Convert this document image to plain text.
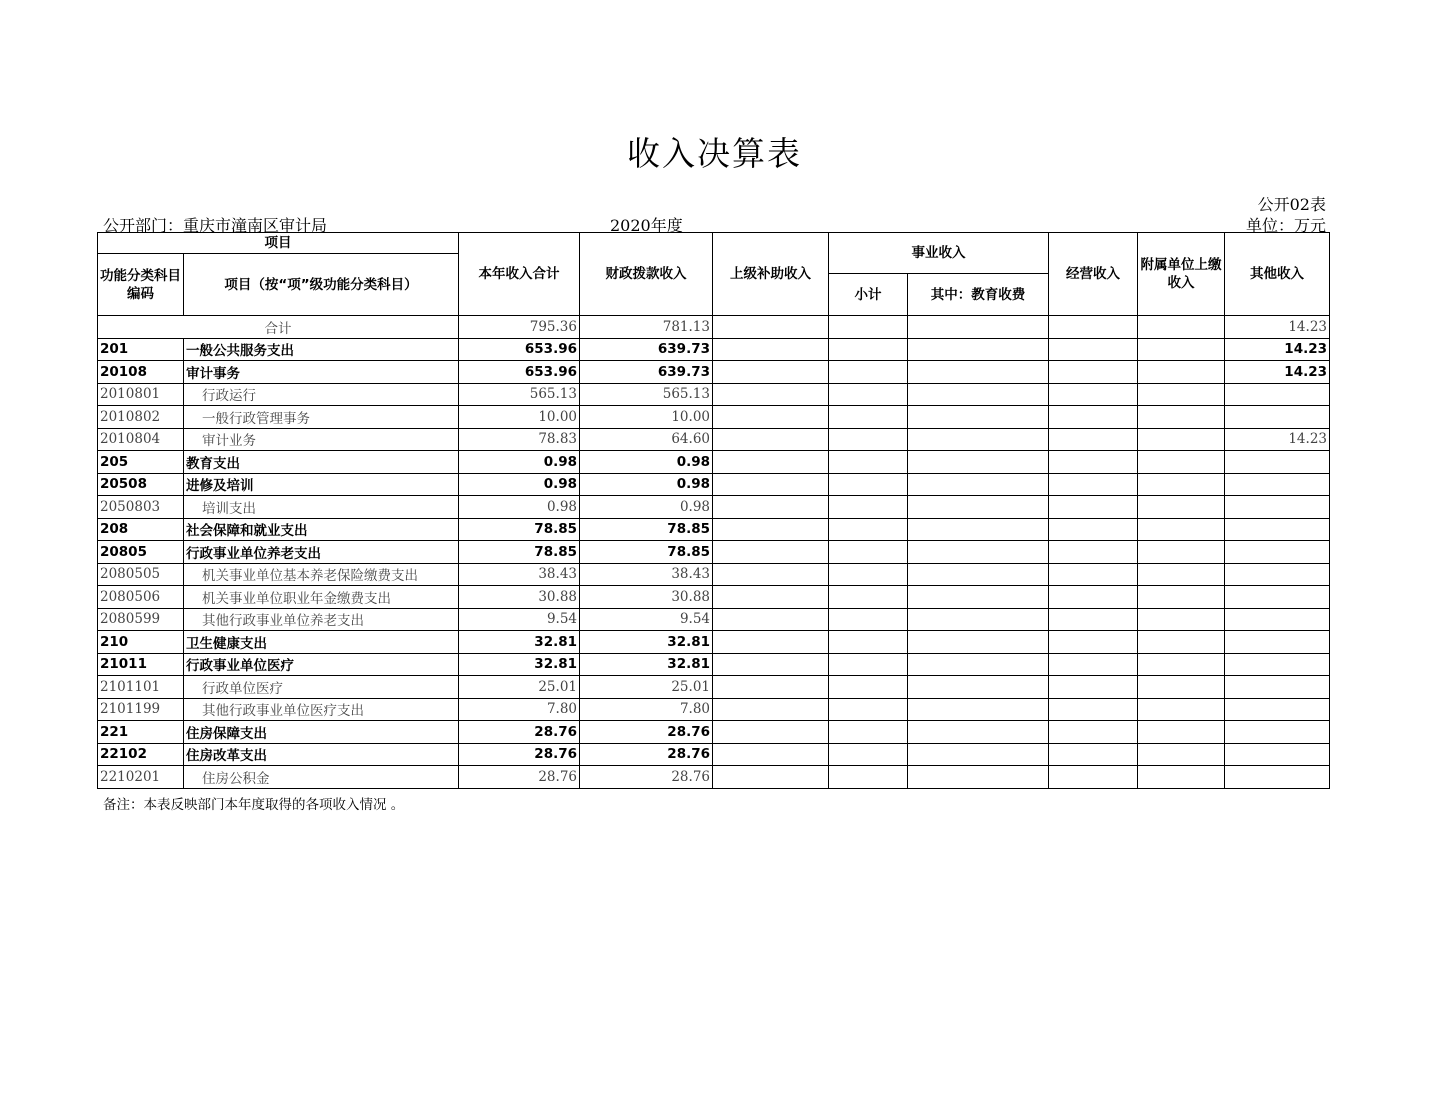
收入决算表
公开02表
公开部门：重庆市潼南区审计局	2020年度	单位：万元
项目		本年收入合计	财政拨款收入	上级补助收入	事业收入		经营收入	附属单位上缴收入	其他收入
功能分类科目编码	项目（按“项”级功能分类科目）								
					小计	其中：教育收费			
合计		795.36	781.13						14.23
201	一般公共服务支出	653.96	639.73						14.23
20108	审计事务	653.96	639.73						14.23
2010801	行政运行	565.13	565.13						
2010802	一般行政管理事务	10.00	10.00						
2010804	审计业务	78.83	64.60						14.23
205	教育支出	0.98	0.98						
20508	进修及培训	0.98	0.98						
2050803	培训支出	0.98	0.98						
208	社会保障和就业支出	78.85	78.85						
20805	行政事业单位养老支出	78.85	78.85						
2080505	机关事业单位基本养老保险缴费支出	38.43	38.43						
2080506	机关事业单位职业年金缴费支出	30.88	30.88						
2080599	其他行政事业单位养老支出	9.54	9.54						
210	卫生健康支出	32.81	32.81						
21011	行政事业单位医疗	32.81	32.81						
2101101	行政单位医疗	25.01	25.01						
2101199	其他行政事业单位医疗支出	7.80	7.80						
221	住房保障支出	28.76	28.76						
22102	住房改革支出	28.76	28.76						
2210201	住房公积金	28.76	28.76						
备注：本表反映部门本年度取得的各项收入情况 。
